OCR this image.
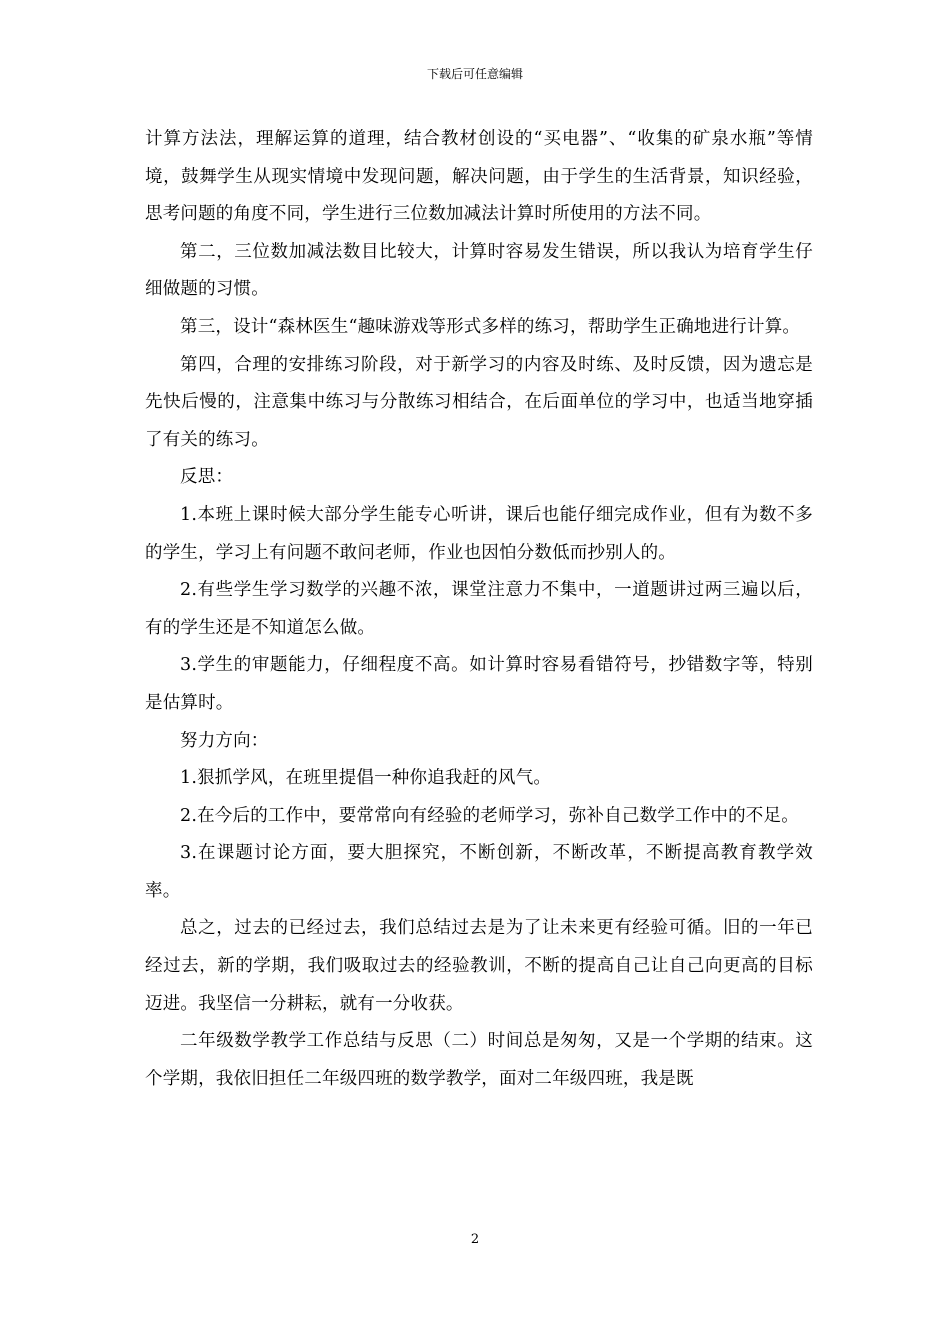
下载后可任意编辑

计算方法法，理解运算的道理，结合教材创设的“买电器”、“收集的矿泉水瓶”等情境，鼓舞学生从现实情境中发现问题，解决问题，由于学生的生活背景，知识经验，思考问题的角度不同，学生进行三位数加减法计算时所使用的方法不同。

第二，三位数加减法数目比较大，计算时容易发生错误，所以我认为培育学生仔细做题的习惯。

第三，设计“森林医生“趣味游戏等形式多样的练习，帮助学生正确地进行计算。

第四，合理的安排练习阶段，对于新学习的内容及时练、及时反馈，因为遗忘是先快后慢的，注意集中练习与分散练习相结合，在后面单位的学习中，也适当地穿插了有关的练习。

反思：

1.本班上课时候大部分学生能专心听讲，课后也能仔细完成作业，但有为数不多的学生，学习上有问题不敢问老师，作业也因怕分数低而抄别人的。

2.有些学生学习数学的兴趣不浓，课堂注意力不集中，一道题讲过两三遍以后，有的学生还是不知道怎么做。

3.学生的审题能力，仔细程度不高。如计算时容易看错符号，抄错数字等，特别是估算时。

努力方向：

1.狠抓学风，在班里提倡一种你追我赶的风气。

2.在今后的工作中，要常常向有经验的老师学习，弥补自己数学工作中的不足。

3.在课题讨论方面，要大胆探究，不断创新，不断改革，不断提高教育教学效率。

总之，过去的已经过去，我们总结过去是为了让未来更有经验可循。旧的一年已经过去，新的学期，我们吸取过去的经验教训，不断的提高自己让自己向更高的目标迈进。我坚信一分耕耘，就有一分收获。

二年级数学教学工作总结与反思（二）时间总是匆匆，又是一个学期的结束。这个学期，我依旧担任二年级四班的数学教学，面对二年级四班，我是既

2
